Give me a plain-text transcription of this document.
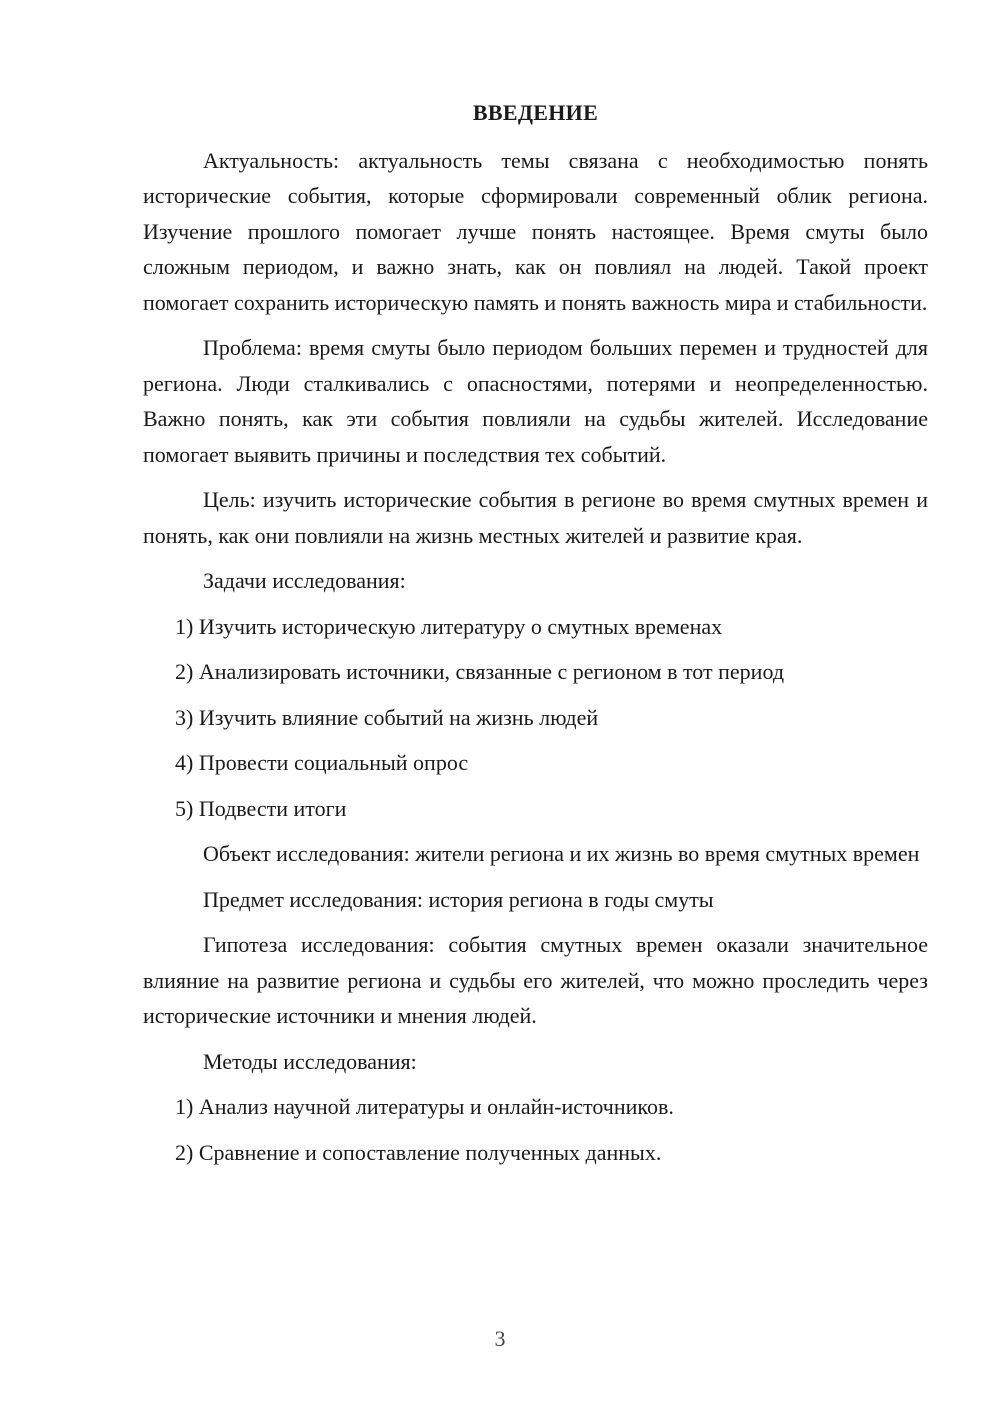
ВВЕДЕНИЕ

Актуальность: актуальность темы связана с необходимостью понять исторические события, которые сформировали современный облик региона. Изучение прошлого помогает лучше понять настоящее. Время смуты было сложным периодом, и важно знать, как он повлиял на людей. Такой проект помогает сохранить историческую память и понять важность мира и стабильности.

Проблема: время смуты было периодом больших перемен и трудностей для региона. Люди сталкивались с опасностями, потерями и неопределенностью. Важно понять, как эти события повлияли на судьбы жителей. Исследование помогает выявить причины и последствия тех событий.

Цель: изучить исторические события в регионе во время смутных времен и понять, как они повлияли на жизнь местных жителей и развитие края.

Задачи исследования:

1) Изучить историческую литературу о смутных временах

2) Анализировать источники, связанные с регионом в тот период

3) Изучить влияние событий на жизнь людей

4) Провести социальный опрос

5) Подвести итоги

Объект исследования: жители региона и их жизнь во время смутных времен

Предмет исследования: история региона в годы смуты

Гипотеза исследования: события смутных времен оказали значительное влияние на развитие региона и судьбы его жителей, что можно проследить через исторические источники и мнения людей.

Методы исследования:

1) Анализ научной литературы и онлайн-источников.

2) Сравнение и сопоставление полученных данных.

3
